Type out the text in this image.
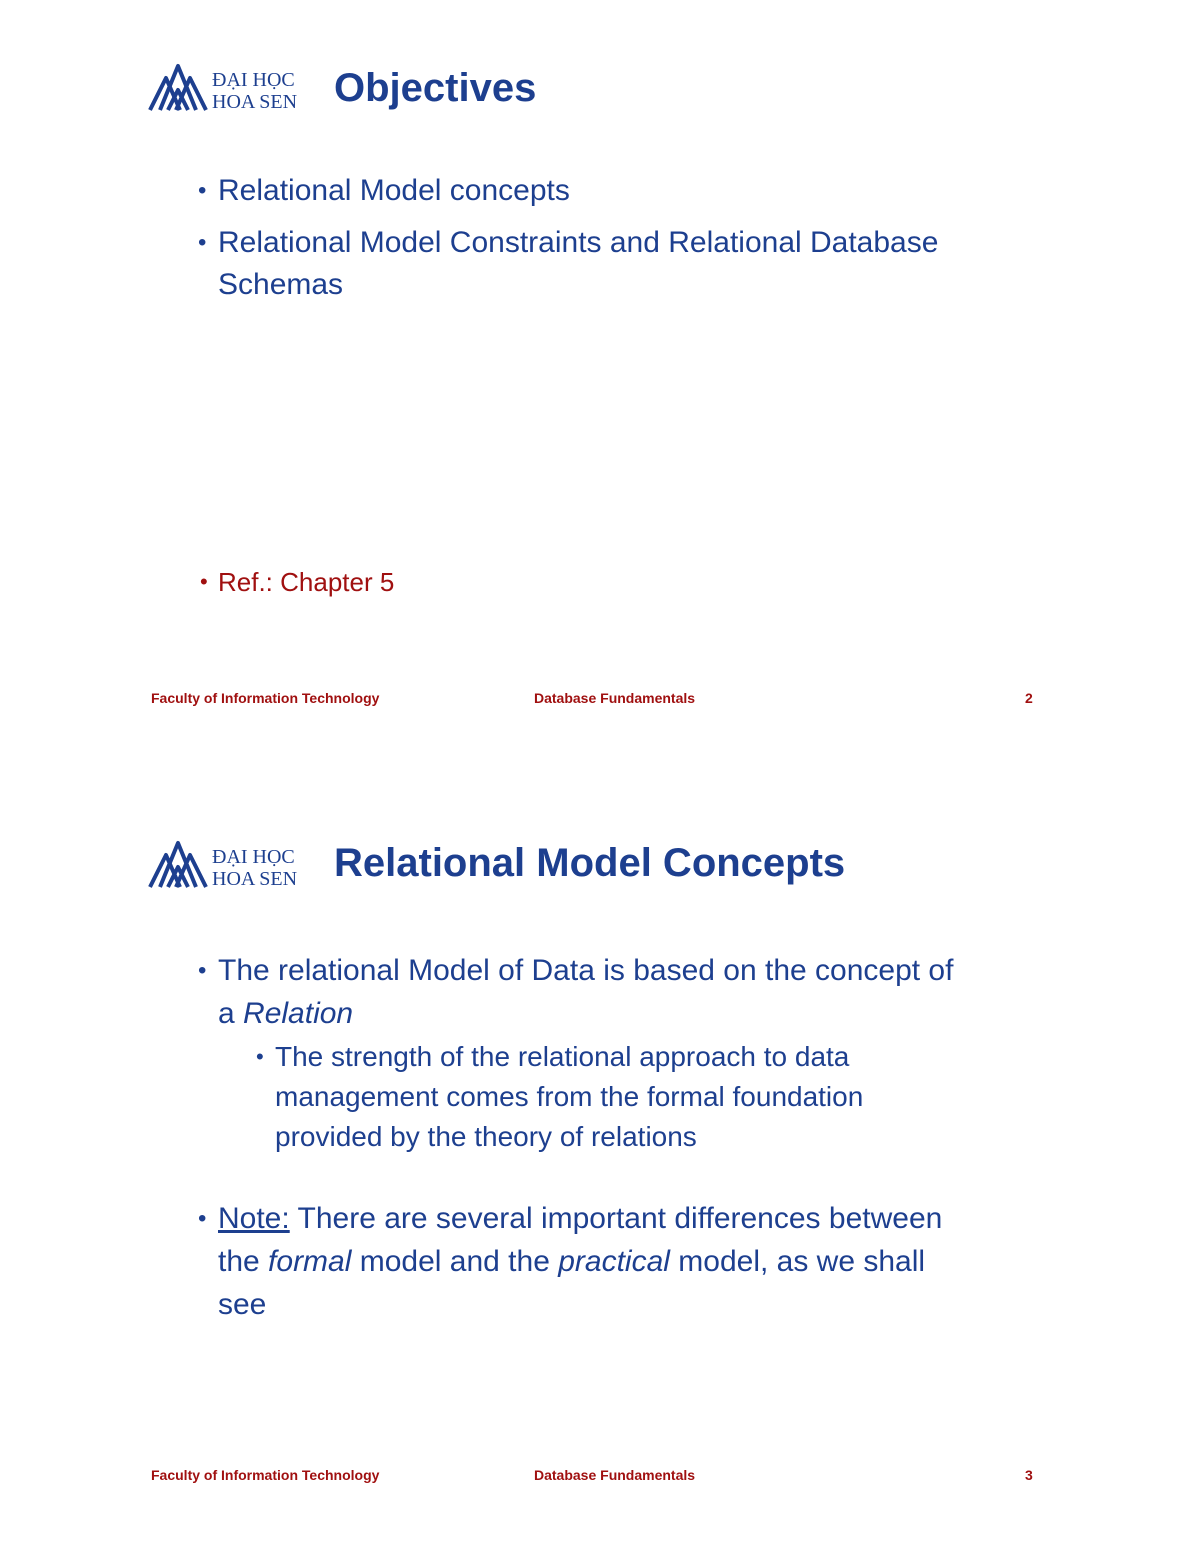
ĐẠI HỌC
HOA SEN Objectives
• Relational Model concepts
• Relational Model Constraints and Relational Database Schemas
• Ref.: Chapter 5
Faculty of Information Technology	Database Fundamentals	2
ĐẠI HỌC
HOA SEN Relational Model Concepts
• The relational Model of Data is based on the concept of a Relation
• The strength of the relational approach to data management comes from the formal foundation provided by the theory of relations
• Note: There are several important differences between the formal model and the practical model, as we shall see
Faculty of Information Technology	Database Fundamentals	3
